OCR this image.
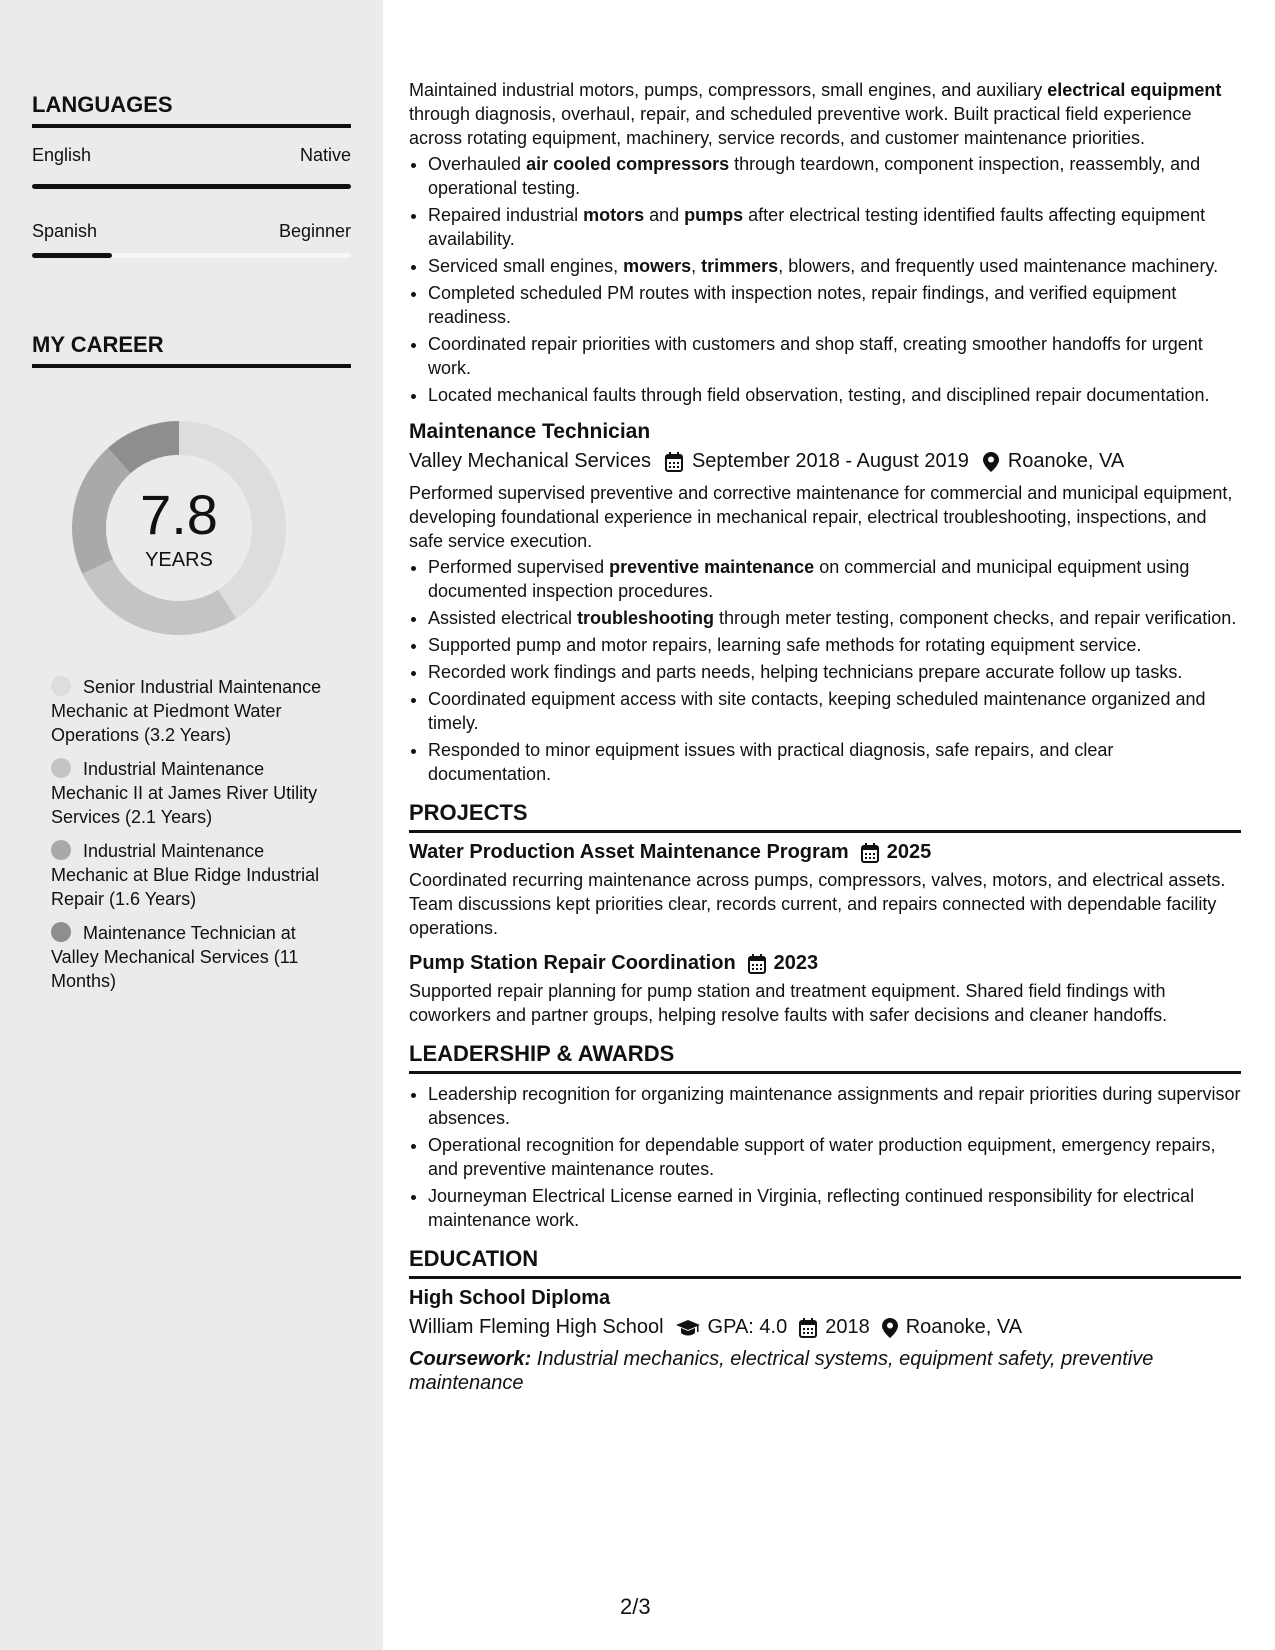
LANGUAGES
English	Native
Spanish	Beginner
MY CAREER
7.8
YEARS
Senior Industrial Maintenance Mechanic at Piedmont Water Operations (3.2 Years)
Industrial Maintenance Mechanic II at James River Utility Services (2.1 Years)
Industrial Maintenance Mechanic at Blue Ridge Industrial Repair (1.6 Years)
Maintenance Technician at Valley Mechanical Services (11 Months)

Maintained industrial motors, pumps, compressors, small engines, and auxiliary electrical equipment through diagnosis, overhaul, repair, and scheduled preventive work. Built practical field experience across rotating equipment, machinery, service records, and customer maintenance priorities.

• Overhauled air cooled compressors through teardown, component inspection, reassembly, and operational testing.
• Repaired industrial motors and pumps after electrical testing identified faults affecting equipment availability.
• Serviced small engines, mowers, trimmers, blowers, and frequently used maintenance machinery.
• Completed scheduled PM routes with inspection notes, repair findings, and verified equipment readiness.
• Coordinated repair priorities with customers and shop staff, creating smoother handoffs for urgent work.
• Located mechanical faults through field observation, testing, and disciplined repair documentation.
Maintenance Technician
Valley Mechanical Services September 2018 - August 2019 Roanoke, VA

Performed supervised preventive and corrective maintenance for commercial and municipal equipment, developing foundational experience in mechanical repair, electrical troubleshooting, inspections, and safe service execution.

• Performed supervised preventive maintenance on commercial and municipal equipment using documented inspection procedures.
• Assisted electrical troubleshooting through meter testing, component checks, and repair verification.
• Supported pump and motor repairs, learning safe methods for rotating equipment service.
• Recorded work findings and parts needs, helping technicians prepare accurate follow up tasks.
• Coordinated equipment access with site contacts, keeping scheduled maintenance organized and timely.
• Responded to minor equipment issues with practical diagnosis, safe repairs, and clear documentation.
PROJECTS
Water Production Asset Maintenance Program 2025
Coordinated recurring maintenance across pumps, compressors, valves, motors, and electrical assets. Team discussions kept priorities clear, records current, and repairs connected with dependable facility operations.
Pump Station Repair Coordination 2023
Supported repair planning for pump station and treatment equipment. Shared field findings with coworkers and partner groups, helping resolve faults with safer decisions and cleaner handoffs.
LEADERSHIP & AWARDS
• Leadership recognition for organizing maintenance assignments and repair priorities during supervisor absences.
• Operational recognition for dependable support of water production equipment, emergency repairs, and preventive maintenance routes.
• Journeyman Electrical License earned in Virginia, reflecting continued responsibility for electrical maintenance work.
EDUCATION
High School Diploma
William Fleming High School GPA: 4.0 2018 Roanoke, VA
Coursework: Industrial mechanics, electrical systems, equipment safety, preventive maintenance
2/3
